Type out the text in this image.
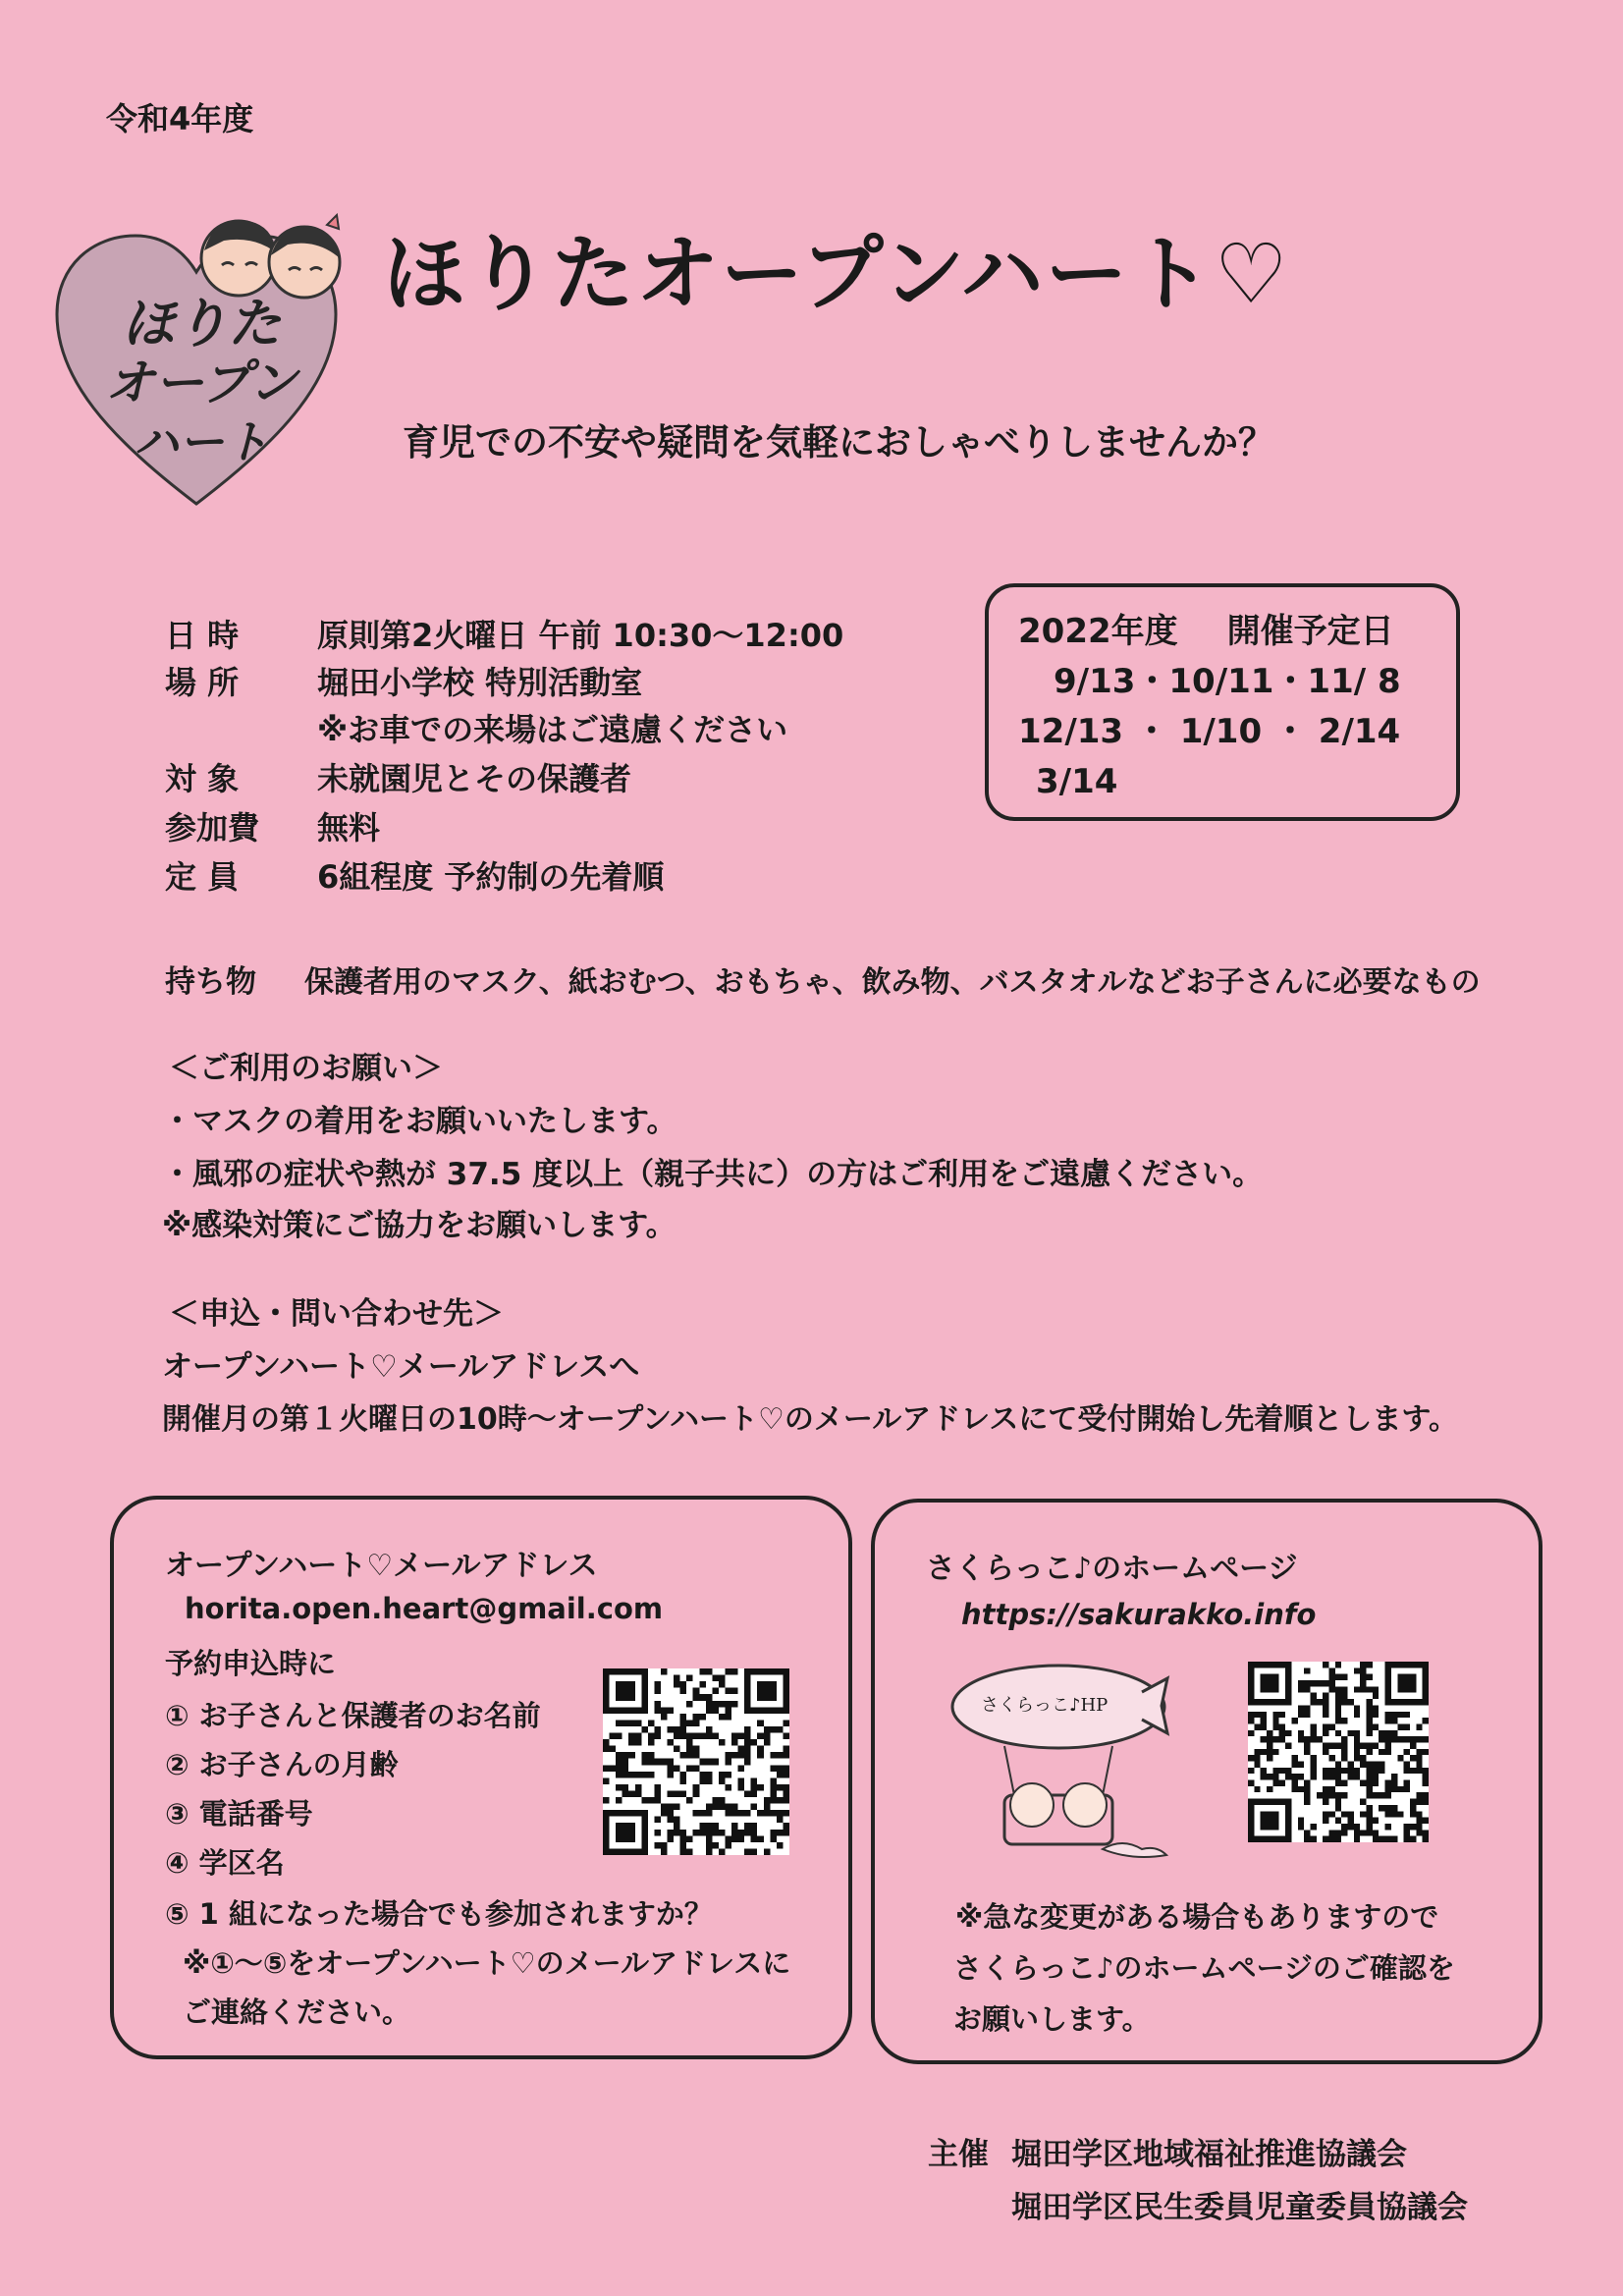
令和4年度
ほりた
オープン
ハート
ほりたオープンハート♡
育児での不安や疑問を気軽におしゃべりしませんか？
日 時 原則第2火曜日 午前 10:30～12:00
場 所 堀田小学校 特別活動室
※お車での来場はご遠慮ください
対 象 未就園児とその保護者
参加費 無料
定 員 6組程度 予約制の先着順
2022年度 開催予定日
9/13・10/11・11/ 8
12/13 ・ 1/10 ・ 2/14
3/14
持ち物 保護者用のマスク、紙おむつ、おもちゃ、飲み物、バスタオルなどお子さんに必要なもの
＜ご利用のお願い＞
・マスクの着用をお願いいたします。
・風邪の症状や熱が 37.5 度以上（親子共に）の方はご利用をご遠慮ください。
※感染対策にご協力をお願いします。
＜申込・問い合わせ先＞
オープンハート♡メールアドレスへ
開催月の第１火曜日の10時～オープンハート♡のメールアドレスにて受付開始し先着順とします。
オープンハート♡メールアドレス
horita.open.heart@gmail.com
予約申込時に
① お子さんと保護者のお名前
② お子さんの月齢
③ 電話番号
④ 学区名
⑤ 1 組になった場合でも参加されますか？
※①～⑤をオープンハート♡のメールアドレスに
ご連絡ください。
さくらっこ♪のホームページ
https://sakurakko.info
さくらっこ♪HP
※急な変更がある場合もありますので
さくらっこ♪のホームページのご確認を
お願いします。
主催 堀田学区地域福祉推進協議会
堀田学区民生委員児童委員協議会
